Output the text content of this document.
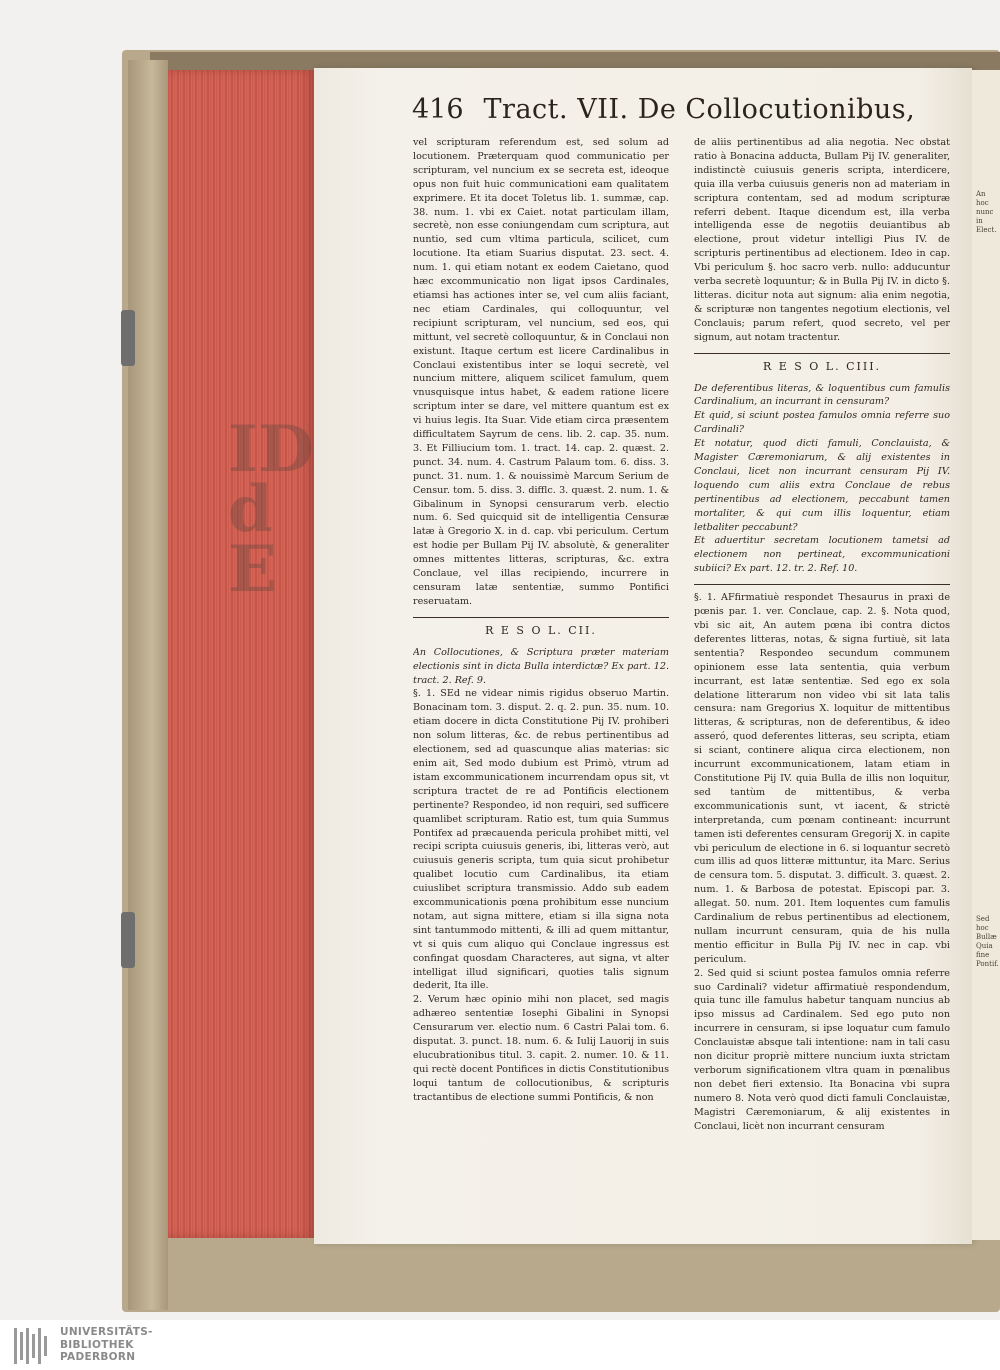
ID
d
E
An hoc
nunc in
Elect.
Sed hoc
Bullæ
Quia
fine
Pontif.
416 Tract. VII. De Collocutionibus,

vel scripturam referendum est, sed solum ad locutionem. Præterquam quod communicatio per scripturam, vel nuncium ex se secreta est, ideoque opus non fuit huic communicationi eam qualitatem exprimere. Et ita docet Toletus lib. 1. summæ, cap. 38. num. 1. vbi ex Caiet. notat particulam illam, secretè, non esse coniungendam cum scriptura, aut nuntio, sed cum vltima particula, scilicet, cum locutione. Ita etiam Suarius disputat. 23. sect. 4. num. 1. qui etiam notant ex eodem Caietano, quod hæc excommunicatio non ligat ipsos Cardinales, etiamsi has actiones inter se, vel cum aliis faciant, nec etiam Cardinales, qui colloquuntur, vel recipiunt scripturam, vel nuncium, sed eos, qui mittunt, vel secretè colloquuntur, & in Conclaui non existunt. Itaque certum est licere Cardinalibus in Conclaui existentibus inter se loqui secretè, vel nuncium mittere, aliquem scilicet famulum, quem vnusquisque intus habet, & eadem ratione licere scriptum inter se dare, vel mittere quantum est ex vi huius legis. Ita Suar. Vide etiam circa præsentem difficultatem Sayrum de cens. lib. 2. cap. 35. num. 3. Et Filliucium tom. 1. tract. 14. cap. 2. quæst. 2. punct. 34. num. 4. Castrum Palaum tom. 6. diss. 3. punct. 31. num. 1. & nouissimè Marcum Serium de Censur. tom. 5. diss. 3. difflc. 3. quæst. 2. num. 1. & Gibalinum in Synopsi censurarum verb. electio num. 6. Sed quicquid sit de intelligentia Censuræ latæ à Gregorio X. in d. cap. vbi periculum. Certum est hodie per Bullam Pij IV. absolutè, & generaliter omnes mittentes litteras, scripturas, &c. extra Conclaue, vel illas recipiendo, incurrere in censuram latæ sententiæ, summo Pontifici reseruatam.

R E S O L. CII.

An Collocutiones, & Scriptura præter materiam electionis sint in dicta Bulla interdictæ? Ex part. 12. tract. 2. Ref. 9.

§. 1. SEd ne videar nimis rigidus obseruo Martin. Bonacinam tom. 3. disput. 2. q. 2. pun. 35. num. 10. etiam docere in dicta Constitutione Pij IV. prohiberi non solum litteras, &c. de rebus pertinentibus ad electionem, sed ad quascunque alias materias: sic enim ait, Sed modo dubium est Primò, vtrum ad istam excommunicationem incurrendam opus sit, vt scriptura tractet de re ad Pontificis electionem pertinente? Respondeo, id non requiri, sed sufficere quamlibet scripturam. Ratio est, tum quia Summus Pontifex ad præcauenda pericula prohibet mitti, vel recipi scripta cuiusuis generis, ibi, litteras verò, aut cuiusuis generis scripta, tum quia sicut prohibetur qualibet locutio cum Cardinalibus, ita etiam cuiuslibet scriptura transmissio. Addo sub eadem excommunicationis pœna prohibitum esse nuncium notam, aut signa mittere, etiam si illa signa nota sint tantummodo mittenti, & illi ad quem mittantur, vt si quis cum aliquo qui Conclaue ingressus est confingat quosdam Characteres, aut signa, vt alter intelligat illud significari, quoties talis signum dederit, Ita ille.

2. Verum hæc opinio mihi non placet, sed magis adhæreo sententiæ Iosephi Gibalini in Synopsi Censurarum ver. electio num. 6 Castri Palai tom. 6. disputat. 3. punct. 18. num. 6. & Iulij Lauorij in suis elucubrationibus titul. 3. capit. 2. numer. 10. & 11. qui rectè docent Pontifices in dictis Constitutionibus loqui tantum de collocutionibus, & scripturis tractantibus de electione summi Pontificis, & non

de aliis pertinentibus ad alia negotia. Nec obstat ratio à Bonacina adducta, Bullam Pij IV. generaliter, indistinctè cuiusuis generis scripta, interdicere, quia illa verba cuiusuis generis non ad materiam in scriptura contentam, sed ad modum scripturæ referri debent. Itaque dicendum est, illa verba intelligenda esse de negotiis deuiantibus ab electione, prout videtur intelligi Pius IV. de scripturis pertinentibus ad electionem. Ideo in cap. Vbi periculum §. hoc sacro verb. nullo: adducuntur verba secretè loquuntur; & in Bulla Pij IV. in dicto §. litteras. dicitur nota aut signum: alia enim negotia, & scripturæ non tangentes negotium electionis, vel Conclauis; parum refert, quod secreto, vel per signum, aut notam tractentur.

R E S O L. CIII.

De deferentibus literas, & loquentibus cum famulis Cardinalium, an incurrant in censuram?

Et quid, si sciunt postea famulos omnia referre suo Cardinali?

Et notatur, quod dicti famuli, Conclauista, & Magister Cæremoniarum, & alij existentes in Conclaui, licet non incurrant censuram Pij IV. loquendo cum aliis extra Conclaue de rebus pertinentibus ad electionem, peccabunt tamen mortaliter, & qui cum illis loquentur, etiam letbaliter peccabunt?

Et aduertitur secretam locutionem tametsi ad electionem non pertineat, excommunicationi subiici? Ex part. 12. tr. 2. Ref. 10.

§. 1. AFfirmatiuè respondet Thesaurus in praxi de pœnis par. 1. ver. Conclaue, cap. 2. §. Nota quod, vbi sic ait, An autem pœna ibi contra dictos deferentes litteras, notas, & signa furtiuè, sit lata sententia? Respondeo secundum communem opinionem esse lata sententia, quia verbum incurrant, est latæ sententiæ. Sed ego ex sola delatione litterarum non video vbi sit lata talis censura: nam Gregorius X. loquitur de mittentibus litteras, & scripturas, non de deferentibus, & ideo asseró, quod deferentes litteras, seu scripta, etiam si sciant, continere aliqua circa electionem, non incurrunt excommunicationem, latam etiam in Constitutione Pij IV. quia Bulla de illis non loquitur, sed tantùm de mittentibus, & verba excommunicationis sunt, vt iacent, & strictè interpretanda, cum pœnam contineant: incurrunt tamen isti deferentes censuram Gregorij X. in capite vbi periculum de electione in 6. si loquantur secretò cum illis ad quos litteræ mittuntur, ita Marc. Serius de censura tom. 5. disputat. 3. difficult. 3. quæst. 2. num. 1. & Barbosa de potestat. Episcopi par. 3. allegat. 50. num. 201. Item loquentes cum famulis Cardinalium de rebus pertinentibus ad electionem, nullam incurrunt censuram, quia de his nulla mentio efficitur in Bulla Pij IV. nec in cap. vbi periculum.

2. Sed quid si sciunt postea famulos omnia referre suo Cardinali? videtur affirmatiuè respondendum, quia tunc ille famulus habetur tanquam nuncius ab ipso missus ad Cardinalem. Sed ego puto non incurrere in censuram, si ipse loquatur cum famulo Conclauistæ absque tali intentione: nam in tali casu non dicitur propriè mittere nuncium iuxta strictam verborum significationem vltra quam in pœnalibus non debet fieri extensio. Ita Bonacina vbi supra numero 8. Nota verò quod dicti famuli Conclauistæ, Magistri Cæremoniarum, & alij existentes in Conclaui, licèt non incurrant censuram

UNIVERSITÄTS-
BIBLIOTHEK
PADERBORN
